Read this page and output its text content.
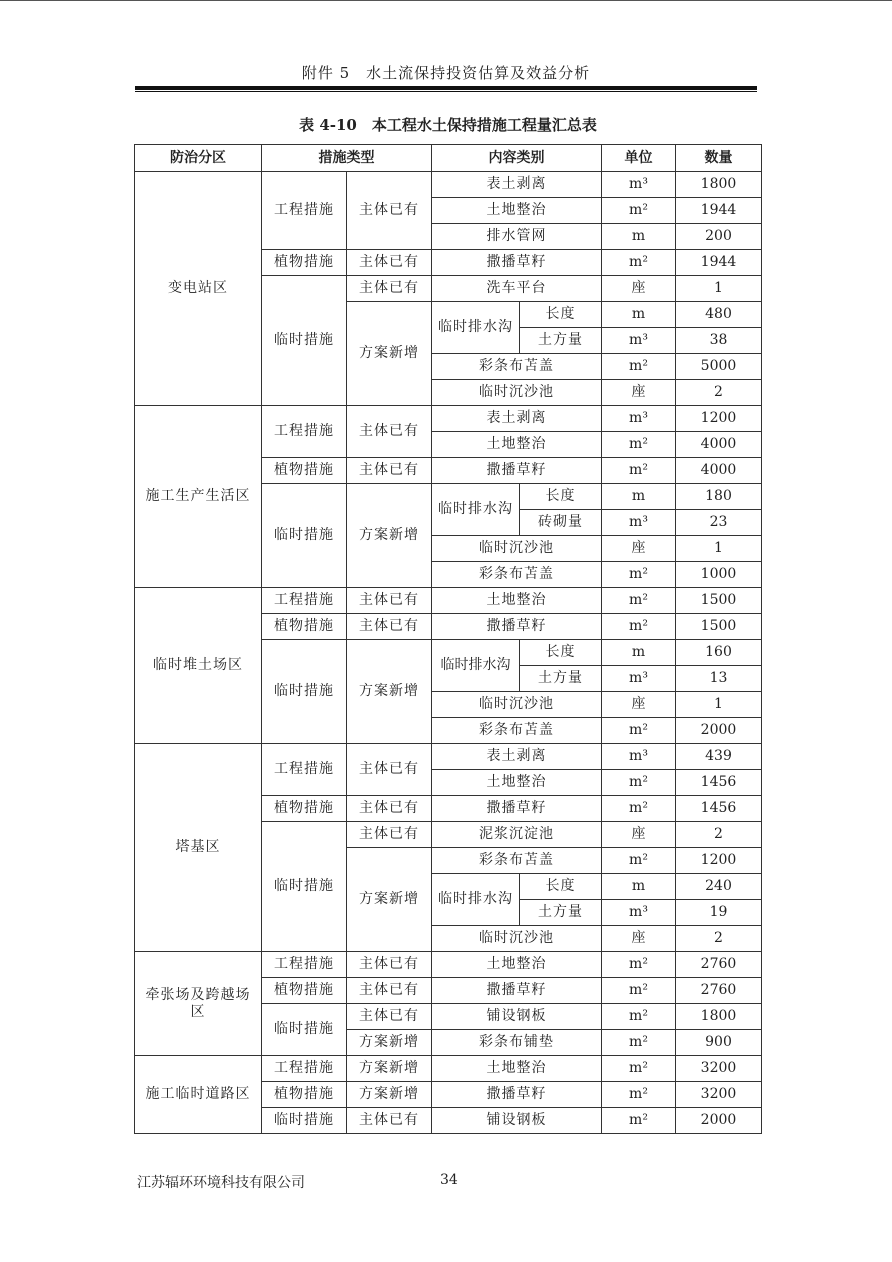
附件 5　水土流保持投资估算及效益分析
表 4-10　本工程水土保持措施工程量汇总表
防治分区	措施类型		内容类别		单位	数量
变电站区	工程措施	主体已有	表土剥离		m³	1800
			土地整治		m²	1944
			排水管网		m	200
	植物措施	主体已有	撒播草籽		m²	1944
	临时措施	主体已有	洗车平台		座	1
		方案新增	临时排水沟	长度	m	480
				土方量	m³	38
			彩条布苫盖		m²	5000
			临时沉沙池		座	2
施工生产生活区	工程措施	主体已有	表土剥离		m³	1200
			土地整治		m²	4000
	植物措施	主体已有	撒播草籽		m²	4000
	临时措施	方案新增	临时排水沟	长度	m	180
				砖砌量	m³	23
			临时沉沙池		座	1
			彩条布苫盖		m²	1000
临时堆土场区	工程措施	主体已有	土地整治		m²	1500
	植物措施	主体已有	撒播草籽		m²	1500
	临时措施	方案新增	临时排水沟	长度	m	160
				土方量	m³	13
			临时沉沙池		座	1
			彩条布苫盖		m²	2000
塔基区	工程措施	主体已有	表土剥离		m³	439
			土地整治		m²	1456
	植物措施	主体已有	撒播草籽		m²	1456
	临时措施	主体已有	泥浆沉淀池		座	2
		方案新增	彩条布苫盖		m²	1200
			临时排水沟	长度	m	240
				土方量	m³	19
			临时沉沙池		座	2
牵张场及跨越场区	工程措施	主体已有	土地整治		m²	2760
	植物措施	主体已有	撒播草籽		m²	2760
	临时措施	主体已有	铺设钢板		m²	1800
		方案新增	彩条布铺垫		m²	900
施工临时道路区	工程措施	方案新增	土地整治		m²	3200
	植物措施	方案新增	撒播草籽		m²	3200
	临时措施	主体已有	铺设钢板		m²	2000
江苏辐环环境科技有限公司	34
